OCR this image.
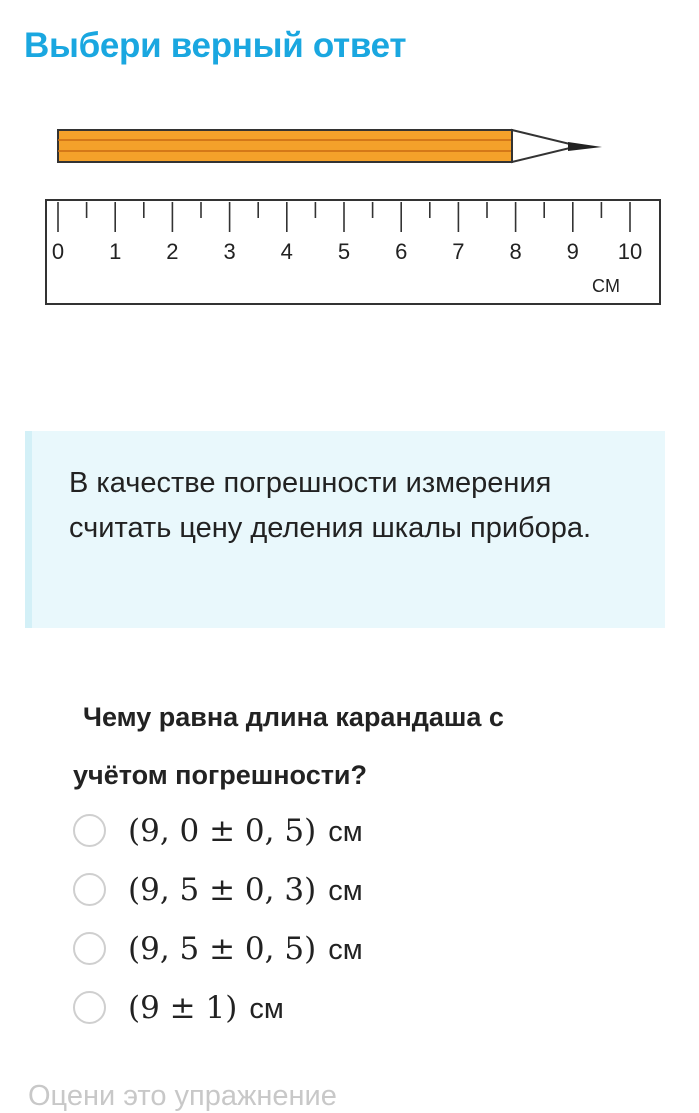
Выбери верный ответ
0 1 2 3 4 5 6 7 8 9 10
CM
В качестве погрешности измерения считать цену деления шкалы прибора.
Чему равна длина карандаша с
учётом погрешности?
(9, 0 ± 0, 5) см
(9, 5 ± 0, 3) см
(9, 5 ± 0, 5) см
(9 ± 1) см
Оцени это упражнение
